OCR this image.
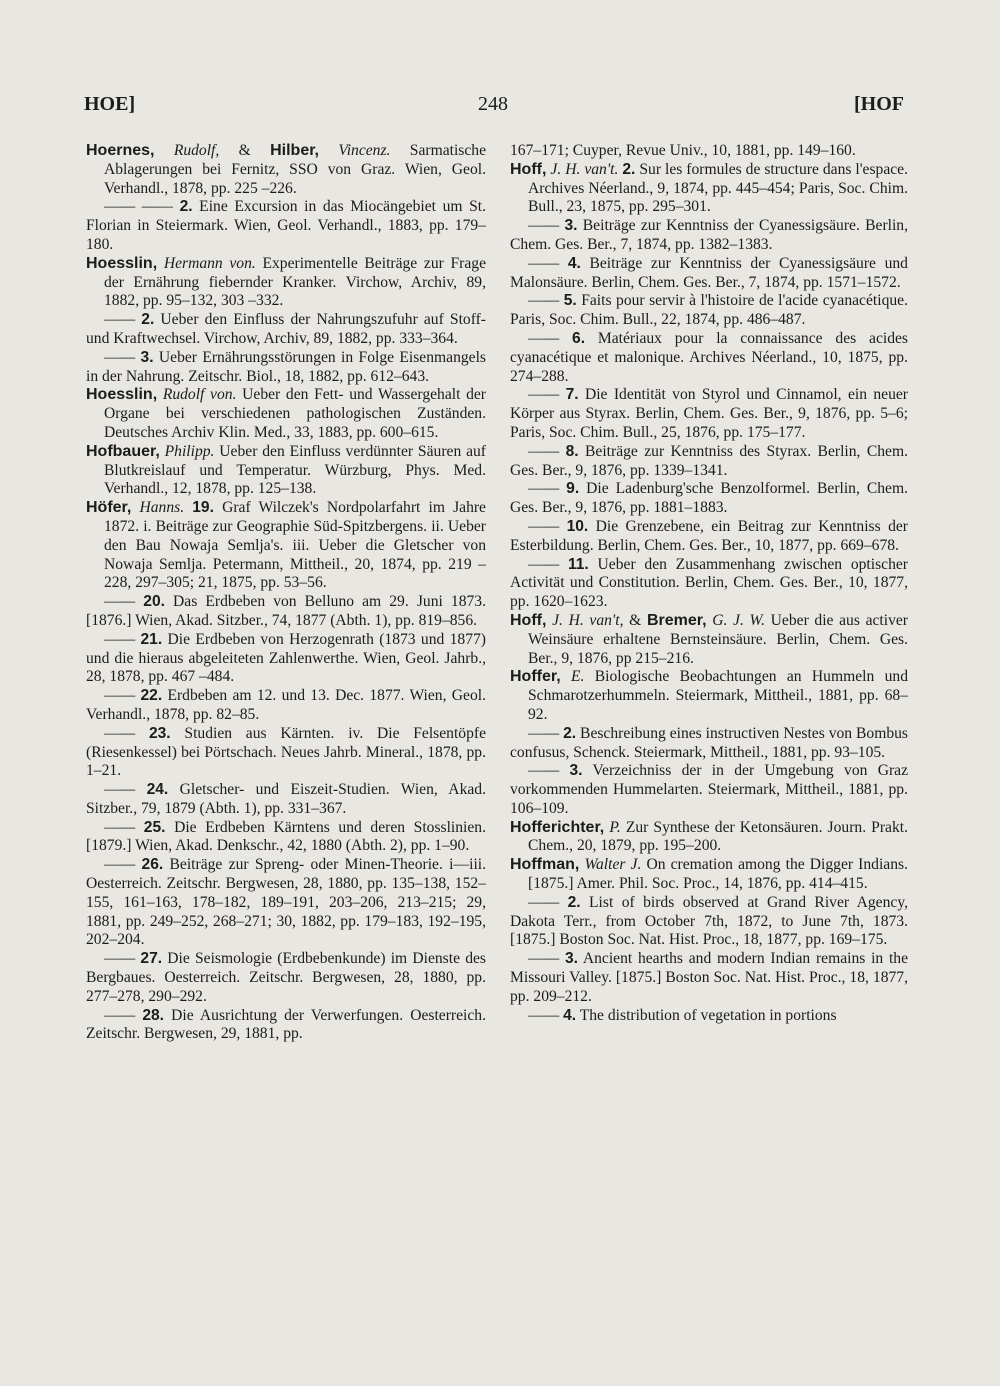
HOE]	248	[HOF

Hoernes, Rudolf, & Hilber, Vincenz. Sarmatische Ablagerungen bei Fernitz, SSO von Graz. Wien, Geol. Verhandl., 1878, pp. 225 –226.

—— —— 2. Eine Excursion in das Miocängebiet um St. Florian in Steiermark. Wien, Geol. Verhandl., 1883, pp. 179–180.

Hoesslin, Hermann von. Experimentelle Beiträge zur Frage der Ernährung fiebernder Kranker. Virchow, Archiv, 89, 1882, pp. 95–132, 303 –332.

—— 2. Ueber den Einfluss der Nahrungszufuhr auf Stoff- und Kraftwechsel. Virchow, Archiv, 89, 1882, pp. 333–364.

—— 3. Ueber Ernährungsstörungen in Folge Eisenmangels in der Nahrung. Zeitschr. Biol., 18, 1882, pp. 612–643.

Hoesslin, Rudolf von. Ueber den Fett- und Wassergehalt der Organe bei verschiedenen pathologischen Zuständen. Deutsches Archiv Klin. Med., 33, 1883, pp. 600–615.

Hofbauer, Philipp. Ueber den Einfluss verdünnter Säuren auf Blutkreislauf und Temperatur. Würzburg, Phys. Med. Verhandl., 12, 1878, pp. 125–138.

Höfer, Hanns. 19. Graf Wilczek's Nordpolarfahrt im Jahre 1872. i. Beiträge zur Geographie Süd-Spitzbergens. ii. Ueber den Bau Nowaja Semlja's. iii. Ueber die Gletscher von Nowaja Semlja. Petermann, Mittheil., 20, 1874, pp. 219 –228, 297–305; 21, 1875, pp. 53–56.

—— 20. Das Erdbeben von Belluno am 29. Juni 1873. [1876.] Wien, Akad. Sitzber., 74, 1877 (Abth. 1), pp. 819–856.

—— 21. Die Erdbeben von Herzogenrath (1873 und 1877) und die hieraus abgeleiteten Zahlenwerthe. Wien, Geol. Jahrb., 28, 1878, pp. 467 –484.

—— 22. Erdbeben am 12. und 13. Dec. 1877. Wien, Geol. Verhandl., 1878, pp. 82–85.

—— 23. Studien aus Kärnten. iv. Die Felsentöpfe (Riesenkessel) bei Pörtschach. Neues Jahrb. Mineral., 1878, pp. 1–21.

—— 24. Gletscher- und Eiszeit-Studien. Wien, Akad. Sitzber., 79, 1879 (Abth. 1), pp. 331–367.

—— 25. Die Erdbeben Kärntens und deren Stosslinien. [1879.] Wien, Akad. Denkschr., 42, 1880 (Abth. 2), pp. 1–90.

—— 26. Beiträge zur Spreng- oder Minen-Theorie. i—iii. Oesterreich. Zeitschr. Bergwesen, 28, 1880, pp. 135–138, 152–155, 161–163, 178–182, 189–191, 203–206, 213–215; 29, 1881, pp. 249–252, 268–271; 30, 1882, pp. 179–183, 192–195, 202–204.

—— 27. Die Seismologie (Erdbebenkunde) im Dienste des Bergbaues. Oesterreich. Zeitschr. Bergwesen, 28, 1880, pp. 277–278, 290–292.

—— 28. Die Ausrichtung der Verwerfungen. Oesterreich. Zeitschr. Bergwesen, 29, 1881, pp.

167–171; Cuyper, Revue Univ., 10, 1881, pp. 149–160.

Hoff, J. H. van't. 2. Sur les formules de structure dans l'espace. Archives Néerland., 9, 1874, pp. 445–454; Paris, Soc. Chim. Bull., 23, 1875, pp. 295–301.

—— 3. Beiträge zur Kenntniss der Cyanessigsäure. Berlin, Chem. Ges. Ber., 7, 1874, pp. 1382–1383.

—— 4. Beiträge zur Kenntniss der Cyanessigsäure und Malonsäure. Berlin, Chem. Ges. Ber., 7, 1874, pp. 1571–1572.

—— 5. Faits pour servir à l'histoire de l'acide cyanacétique. Paris, Soc. Chim. Bull., 22, 1874, pp. 486–487.

—— 6. Matériaux pour la connaissance des acides cyanacétique et malonique. Archives Néerland., 10, 1875, pp. 274–288.

—— 7. Die Identität von Styrol und Cinnamol, ein neuer Körper aus Styrax. Berlin, Chem. Ges. Ber., 9, 1876, pp. 5–6; Paris, Soc. Chim. Bull., 25, 1876, pp. 175–177.

—— 8. Beiträge zur Kenntniss des Styrax. Berlin, Chem. Ges. Ber., 9, 1876, pp. 1339–1341.

—— 9. Die Ladenburg'sche Benzolformel. Berlin, Chem. Ges. Ber., 9, 1876, pp. 1881–1883.

—— 10. Die Grenzebene, ein Beitrag zur Kenntniss der Esterbildung. Berlin, Chem. Ges. Ber., 10, 1877, pp. 669–678.

—— 11. Ueber den Zusammenhang zwischen optischer Activität und Constitution. Berlin, Chem. Ges. Ber., 10, 1877, pp. 1620–1623.

Hoff, J. H. van't, & Bremer, G. J. W. Ueber die aus activer Weinsäure erhaltene Bernsteinsäure. Berlin, Chem. Ges. Ber., 9, 1876, pp 215–216.

Hoffer, E. Biologische Beobachtungen an Hummeln und Schmarotzerhummeln. Steiermark, Mittheil., 1881, pp. 68–92.

—— 2. Beschreibung eines instructiven Nestes von Bombus confusus, Schenck. Steiermark, Mittheil., 1881, pp. 93–105.

—— 3. Verzeichniss der in der Umgebung von Graz vorkommenden Hummelarten. Steiermark, Mittheil., 1881, pp. 106–109.

Hofferichter, P. Zur Synthese der Ketonsäuren. Journ. Prakt. Chem., 20, 1879, pp. 195–200.

Hoffman, Walter J. On cremation among the Digger Indians. [1875.] Amer. Phil. Soc. Proc., 14, 1876, pp. 414–415.

—— 2. List of birds observed at Grand River Agency, Dakota Terr., from October 7th, 1872, to June 7th, 1873. [1875.] Boston Soc. Nat. Hist. Proc., 18, 1877, pp. 169–175.

—— 3. Ancient hearths and modern Indian remains in the Missouri Valley. [1875.] Boston Soc. Nat. Hist. Proc., 18, 1877, pp. 209–212.

—— 4. The distribution of vegetation in portions
